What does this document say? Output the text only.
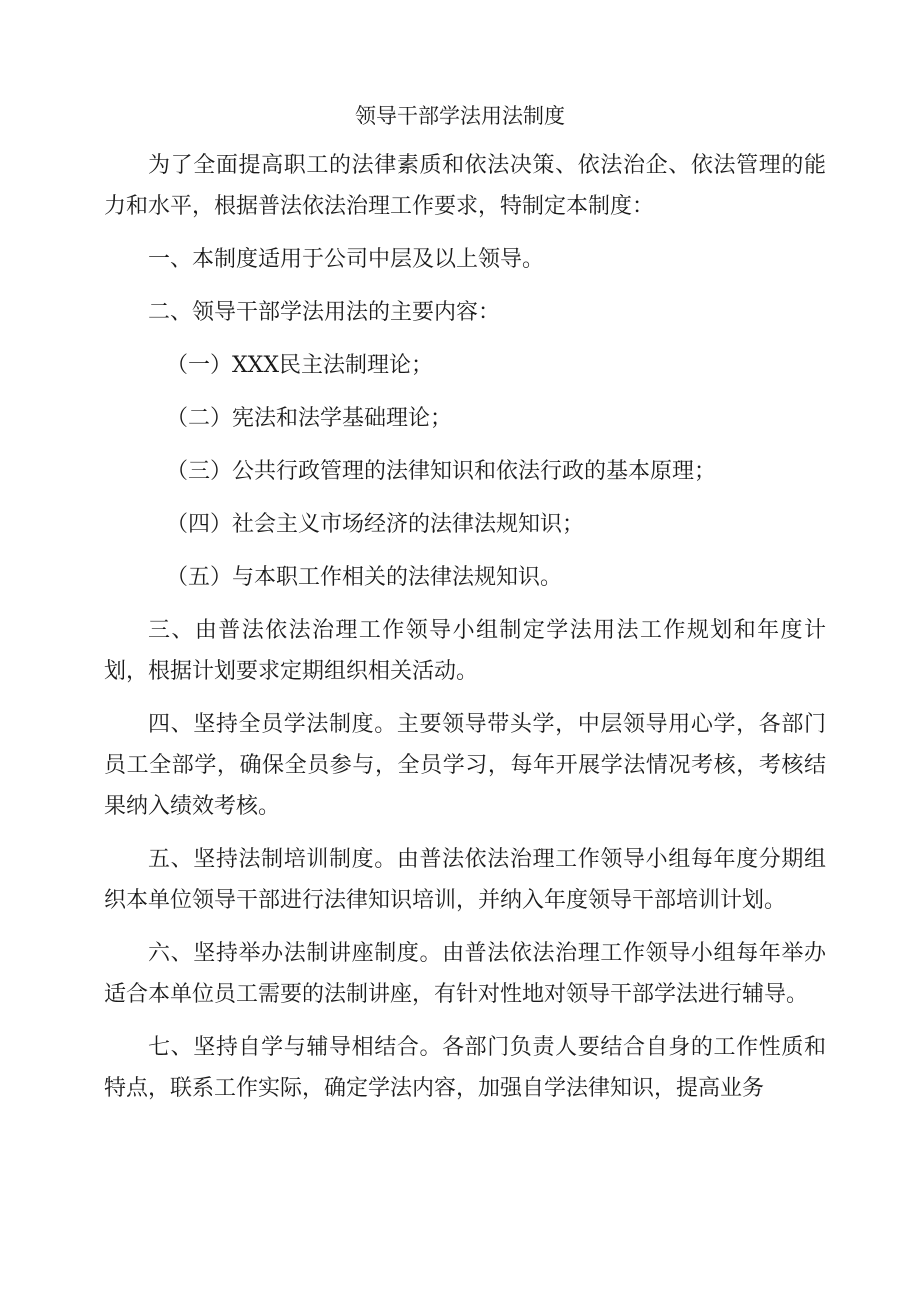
领导干部学法用法制度

为了全面提高职工的法律素质和依法决策、依法治企、依法管理的能力和水平，根据普法依法治理工作要求，特制定本制度：

一、本制度适用于公司中层及以上领导。

二、领导干部学法用法的主要内容：

（一）XXX民主法制理论；

（二）宪法和法学基础理论；

（三）公共行政管理的法律知识和依法行政的基本原理；

（四）社会主义市场经济的法律法规知识；

（五）与本职工作相关的法律法规知识。

三、由普法依法治理工作领导小组制定学法用法工作规划和年度计划，根据计划要求定期组织相关活动。

四、坚持全员学法制度。主要领导带头学，中层领导用心学，各部门员工全部学，确保全员参与，全员学习，每年开展学法情况考核，考核结果纳入绩效考核。

五、坚持法制培训制度。由普法依法治理工作领导小组每年度分期组织本单位领导干部进行法律知识培训，并纳入年度领导干部培训计划。

六、坚持举办法制讲座制度。由普法依法治理工作领导小组每年举办适合本单位员工需要的法制讲座，有针对性地对领导干部学法进行辅导。

七、坚持自学与辅导相结合。各部门负责人要结合自身的工作性质和特点，联系工作实际，确定学法内容，加强自学法律知识，提高业务
